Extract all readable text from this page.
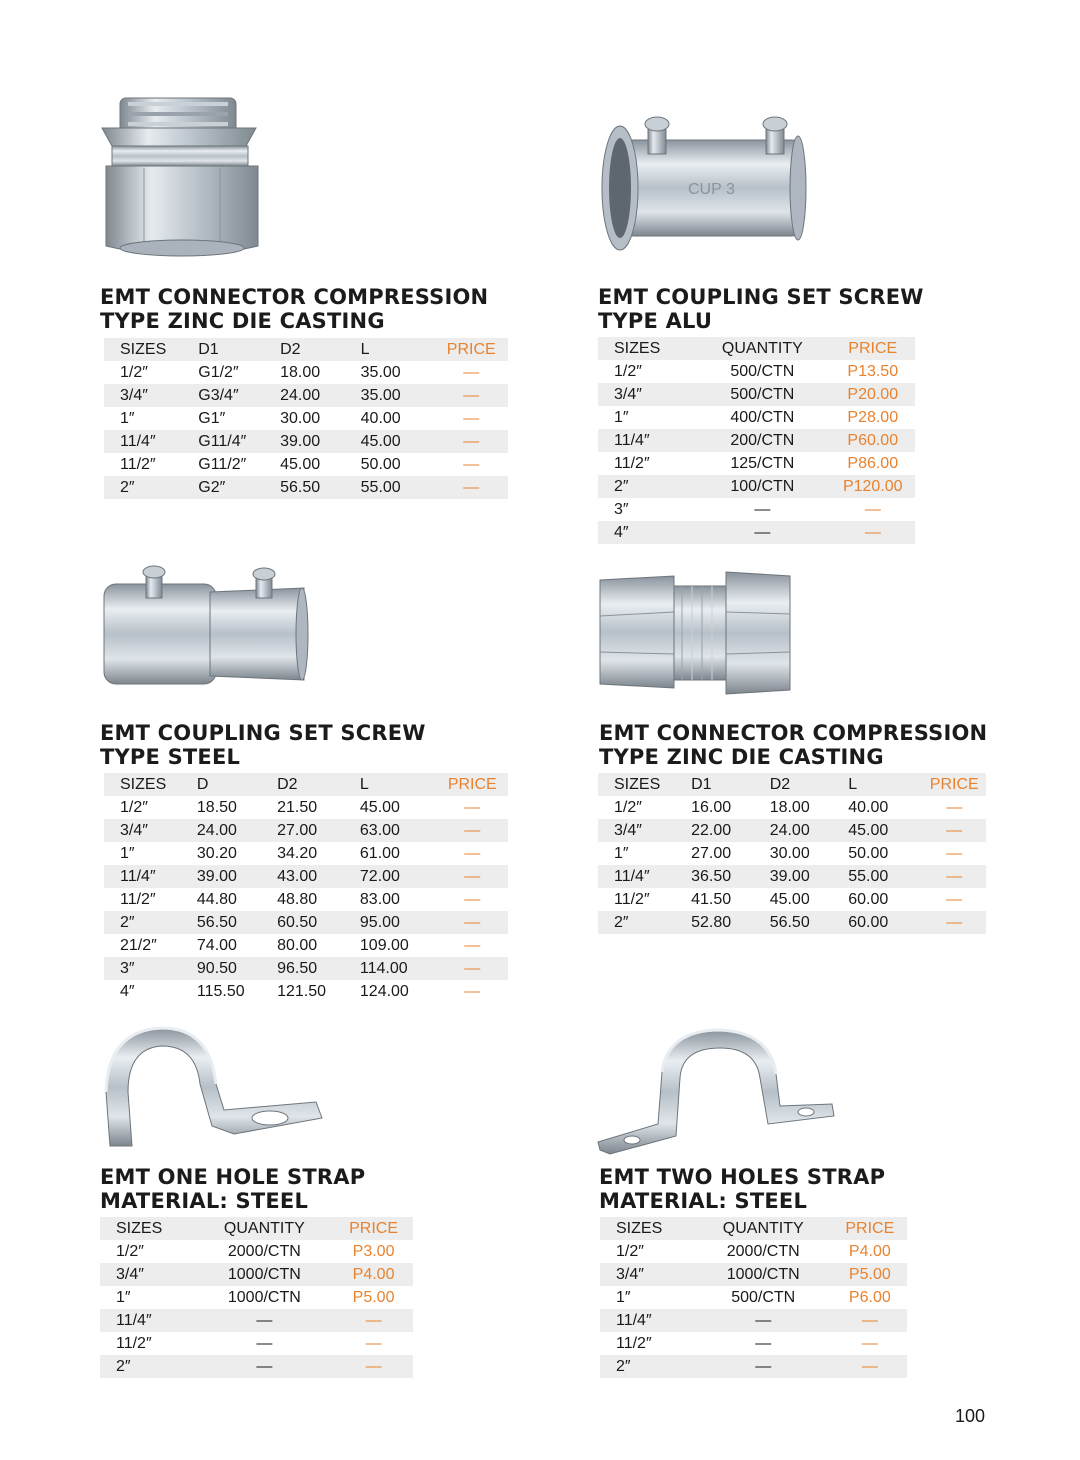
EMT CONNECTOR COMPRESSION
TYPE ZINC DIE CASTING
SIZES	D1	D2	L	PRICE
1/2″	G1/2″	18.00	35.00	—
3/4″	G3/4″	24.00	35.00	—
1″	G1″	30.00	40.00	—
11/4″	G11/4″	39.00	45.00	—
11/2″	G11/2″	45.00	50.00	—
2″	G2″	56.50	55.00	—
CUP 3
EMT COUPLING SET SCREW
TYPE ALU
SIZES	QUANTITY	PRICE
1/2″	500/CTN	P13.50
3/4″	500/CTN	P20.00
1″	400/CTN	P28.00
11/4″	200/CTN	P60.00
11/2″	125/CTN	P86.00
2″	100/CTN	P120.00
3″	—	—
4″	—	—
EMT COUPLING SET SCREW
TYPE STEEL
SIZES	D	D2	L	PRICE
1/2″	18.50	21.50	45.00	—
3/4″	24.00	27.00	63.00	—
1″	30.20	34.20	61.00	—
11/4″	39.00	43.00	72.00	—
11/2″	44.80	48.80	83.00	—
2″	56.50	60.50	95.00	—
21/2″	74.00	80.00	109.00	—
3″	90.50	96.50	114.00	—
4″	115.50	121.50	124.00	—
EMT CONNECTOR COMPRESSION
TYPE ZINC DIE CASTING
SIZES	D1	D2	L	PRICE
1/2″	16.00	18.00	40.00	—
3/4″	22.00	24.00	45.00	—
1″	27.00	30.00	50.00	—
11/4″	36.50	39.00	55.00	—
11/2″	41.50	45.00	60.00	—
2″	52.80	56.50	60.00	—
EMT ONE HOLE STRAP
MATERIAL: STEEL
SIZES	QUANTITY	PRICE
1/2″	2000/CTN	P3.00
3/4″	1000/CTN	P4.00
1″	1000/CTN	P5.00
11/4″	—	—
11/2″	—	—
2″	—	—
EMT TWO HOLES STRAP
MATERIAL: STEEL
SIZES	QUANTITY	PRICE
1/2″	2000/CTN	P4.00
3/4″	1000/CTN	P5.00
1″	500/CTN	P6.00
11/4″	—	—
11/2″	—	—
2″	—	—
100
